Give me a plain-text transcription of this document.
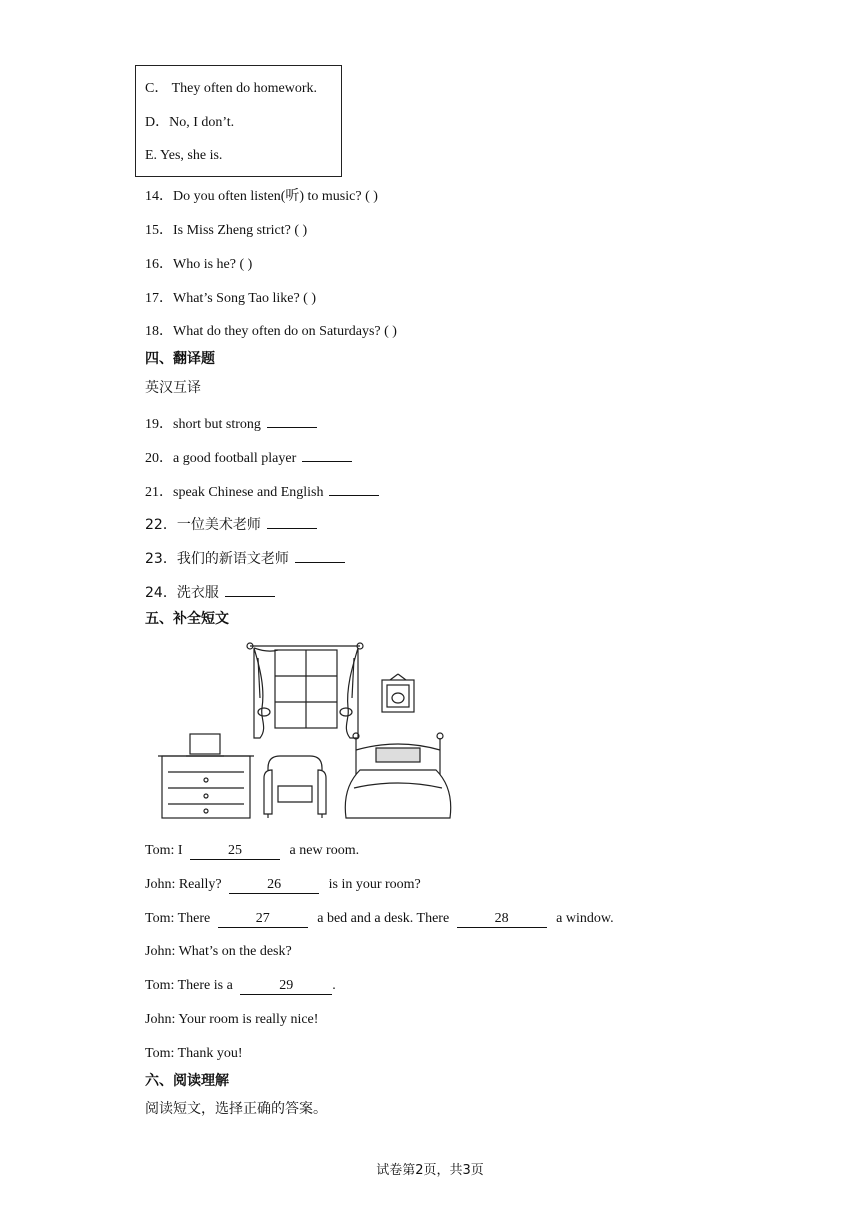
C． They often do homework.
D．No, I don’t.
E. Yes, she is.
14．Do you often listen(听) to music? ( )
15．Is Miss Zheng strict? ( )
16．Who is he? ( )
17．What’s Song Tao like? ( )
18．What do they often do on Saturdays? ( )
四、翻译题
英汉互译
19．short but strong
20．a good football player
21．speak Chinese and English
22．一位美术老师
23．我们的新语文老师
24．洗衣服
五、补全短文
Tom: I	25	a new room.
John: Really?	26	is in your room?
Tom: There	27	a bed and a desk. There	28	a window.
John: What’s on the desk?
Tom: There is a	29	.
John: Your room is really nice!
Tom: Thank you!
六、阅读理解
阅读短文，选择正确的答案。
试卷第2页，共3页
